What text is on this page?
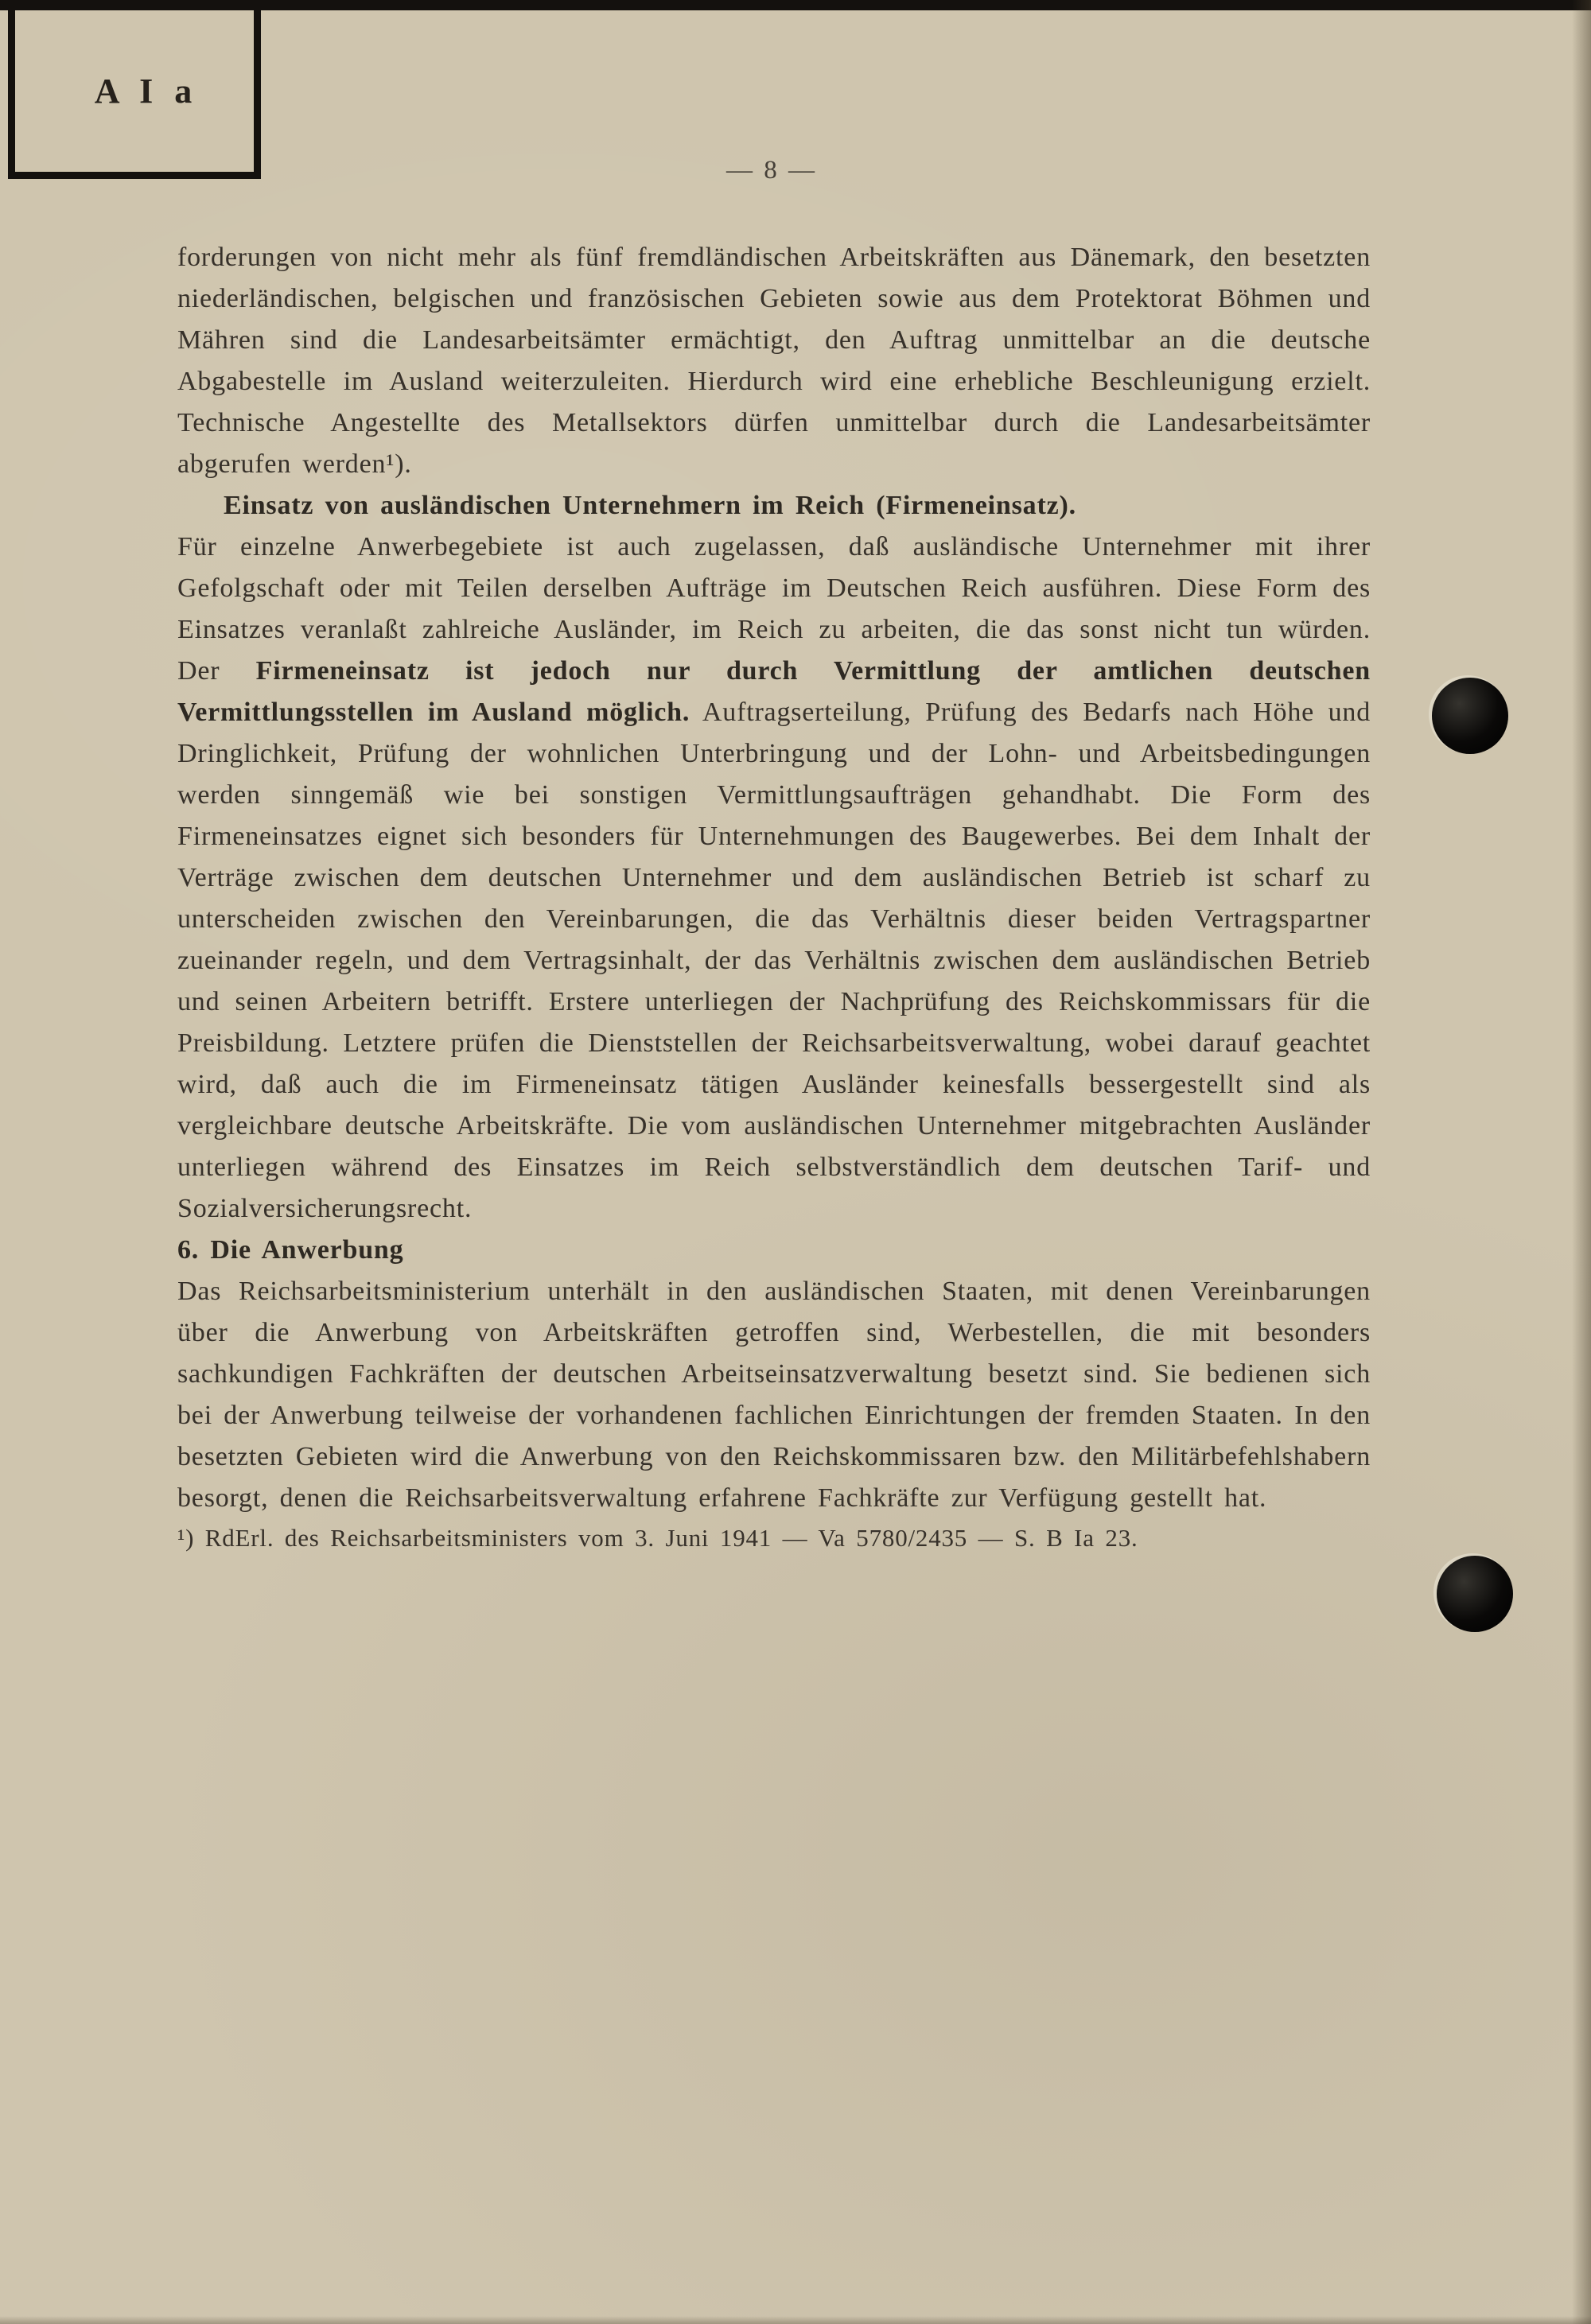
A I a
— 8 —

forderungen von nicht mehr als fünf fremdländischen Arbeitskräften aus Dänemark, den besetzten niederländischen, belgischen und französischen Gebieten sowie aus dem Protektorat Böhmen und Mähren sind die Landesarbeitsämter ermächtigt, den Auftrag unmittelbar an die deutsche Abgabestelle im Ausland weiterzuleiten. Hierdurch wird eine erhebliche Beschleunigung erzielt. Technische Angestellte des Metallsektors dürfen unmittelbar durch die Landesarbeitsämter abgerufen werden¹).

Einsatz von ausländischen Unternehmern im Reich (Firmeneinsatz).

Für einzelne Anwerbegebiete ist auch zugelassen, daß ausländische Unternehmer mit ihrer Gefolgschaft oder mit Teilen derselben Aufträge im Deutschen Reich ausführen. Diese Form des Einsatzes veranlaßt zahlreiche Ausländer, im Reich zu arbeiten, die das sonst nicht tun würden. Der Firmeneinsatz ist jedoch nur durch Vermittlung der amtlichen deutschen Vermittlungsstellen im Ausland möglich. Auftragserteilung, Prüfung des Bedarfs nach Höhe und Dringlichkeit, Prüfung der wohnlichen Unterbringung und der Lohn- und Arbeitsbedingungen werden sinngemäß wie bei sonstigen Vermittlungsaufträgen gehandhabt. Die Form des Firmeneinsatzes eignet sich besonders für Unternehmungen des Baugewerbes. Bei dem Inhalt der Verträge zwischen dem deutschen Unternehmer und dem ausländischen Betrieb ist scharf zu unterscheiden zwischen den Vereinbarungen, die das Verhältnis dieser beiden Vertragspartner zueinander regeln, und dem Vertragsinhalt, der das Verhältnis zwischen dem ausländischen Betrieb und seinen Arbeitern betrifft. Erstere unterliegen der Nachprüfung des Reichskommissars für die Preisbildung. Letztere prüfen die Dienststellen der Reichsarbeitsverwaltung, wobei darauf geachtet wird, daß auch die im Firmeneinsatz tätigen Ausländer keinesfalls bessergestellt sind als vergleichbare deutsche Arbeitskräfte. Die vom ausländischen Unternehmer mitgebrachten Ausländer unterliegen während des Einsatzes im Reich selbstverständlich dem deutschen Tarif- und Sozialversicherungsrecht.

6. Die Anwerbung

Das Reichsarbeitsministerium unterhält in den ausländischen Staaten, mit denen Vereinbarungen über die Anwerbung von Arbeitskräften getroffen sind, Werbestellen, die mit besonders sachkundigen Fachkräften der deutschen Arbeitseinsatzverwaltung besetzt sind. Sie bedienen sich bei der Anwerbung teilweise der vorhandenen fachlichen Einrichtungen der fremden Staaten. In den besetzten Gebieten wird die Anwerbung von den Reichskommissaren bzw. den Militärbefehlshabern besorgt, denen die Reichsarbeitsverwaltung erfahrene Fachkräfte zur Verfügung gestellt hat.

¹) RdErl. des Reichsarbeitsministers vom 3. Juni 1941 — Va 5780/2435 — S. B Ia 23.
